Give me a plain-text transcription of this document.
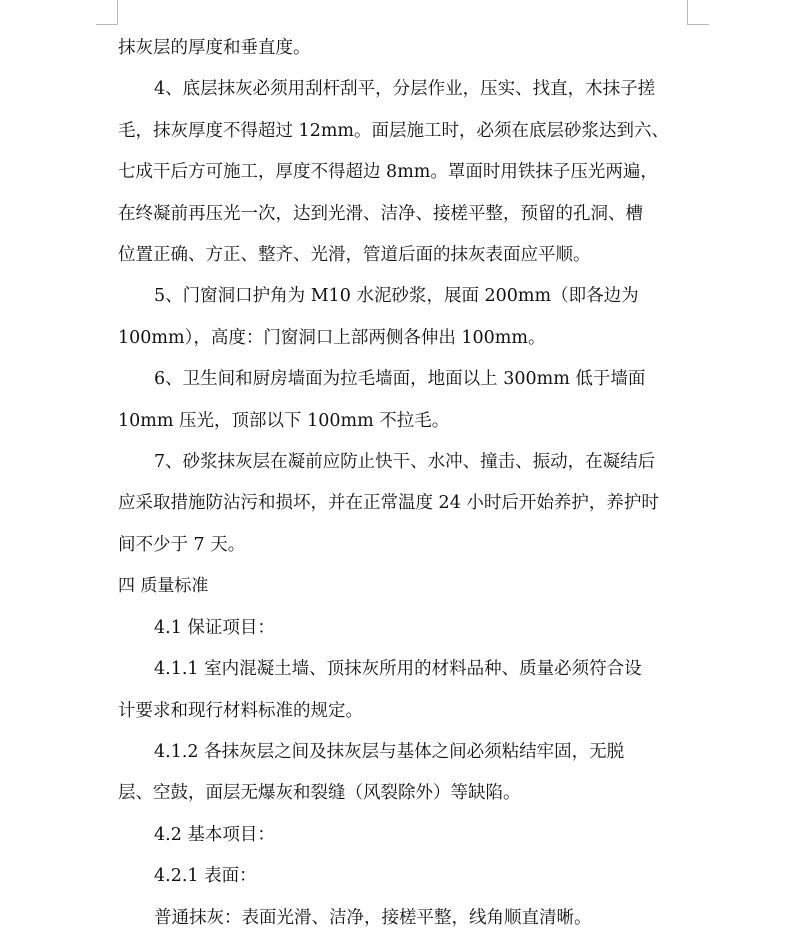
抹灰层的厚度和垂直度。
4、底层抹灰必须用刮杆刮平，分层作业，压实、找直，木抹子搓
毛，抹灰厚度不得超过 12mm。面层施工时，必须在底层砂浆达到六、
七成干后方可施工，厚度不得超边 8mm。罩面时用铁抹子压光两遍，
在终凝前再压光一次，达到光滑、洁净、接槎平整，预留的孔洞、槽
位置正确、方正、整齐、光滑，管道后面的抹灰表面应平顺。
5、门窗洞口护角为 M10 水泥砂浆，展面 200mm（即各边为
100mm），高度：门窗洞口上部两侧各伸出 100mm。
6、卫生间和厨房墙面为拉毛墙面，地面以上 300mm 低于墙面
10mm 压光，顶部以下 100mm 不拉毛。
7、砂浆抹灰层在凝前应防止快干、水冲、撞击、振动，在凝结后
应采取措施防沾污和损坏，并在正常温度 24 小时后开始养护，养护时
间不少于 7 天。
四 质量标准
4.1 保证项目：
4.1.1 室内混凝土墙、顶抹灰所用的材料品种、质量必须符合设
计要求和现行材料标准的规定。
4.1.2 各抹灰层之间及抹灰层与基体之间必须粘结牢固，无脱
层、空鼓，面层无爆灰和裂缝（风裂除外）等缺陷。
4.2 基本项目：
4.2.1 表面：
普通抹灰：表面光滑、洁净，接槎平整，线角顺直清晰。
